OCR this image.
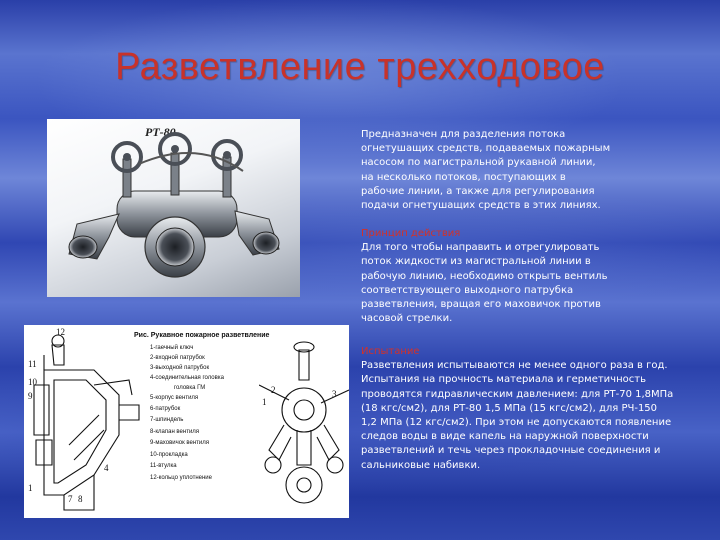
Разветвление трехходовое
РТ-80
Рис. Рукавное пожарное разветвление
1-гаечный ключ
2-входной патрубок
3-выходной патрубок
4-соединительная головка
головка ГМ
5-корпус вентиля
6-патрубок
7-шпиндель
8-клапан вентиля
9-маховичок вентиля
10-прокладка
11-втулка
12-кольцо уплотнение
12
11
10
9
1
7 8
4
2
1
3
Предназначен для разделения потока
огнетушащих средств, подаваемых пожарным
насосом по магистральной рукавной линии,
на несколько потоков, поступающих в
рабочие линии, а также для регулирования
подачи огнетушащих средств в этих линиях.
Принцип действия
Для того чтобы направить и отрегулировать
поток жидкости из магистральной линии в
рабочую линию, необходимо открыть вентиль
соответствующего выходного патрубка
разветвления, вращая его маховичок против
часовой стрелки.
Испытание
Разветвления испытываются не менее одного раза в год.
Испытания на прочность материала и герметичность
проводятся гидравлическим давлением: для РТ-70 1,8МПа
(18 кгс/см2), для РТ-80 1,5 МПа (15 кгс/см2), для РЧ-150
1,2 МПа (12 кгс/см2). При этом не допускаются появление
следов воды в виде капель на наружной поверхности
разветвлений и течь через прокладочные соединения и
сальниковые набивки.
